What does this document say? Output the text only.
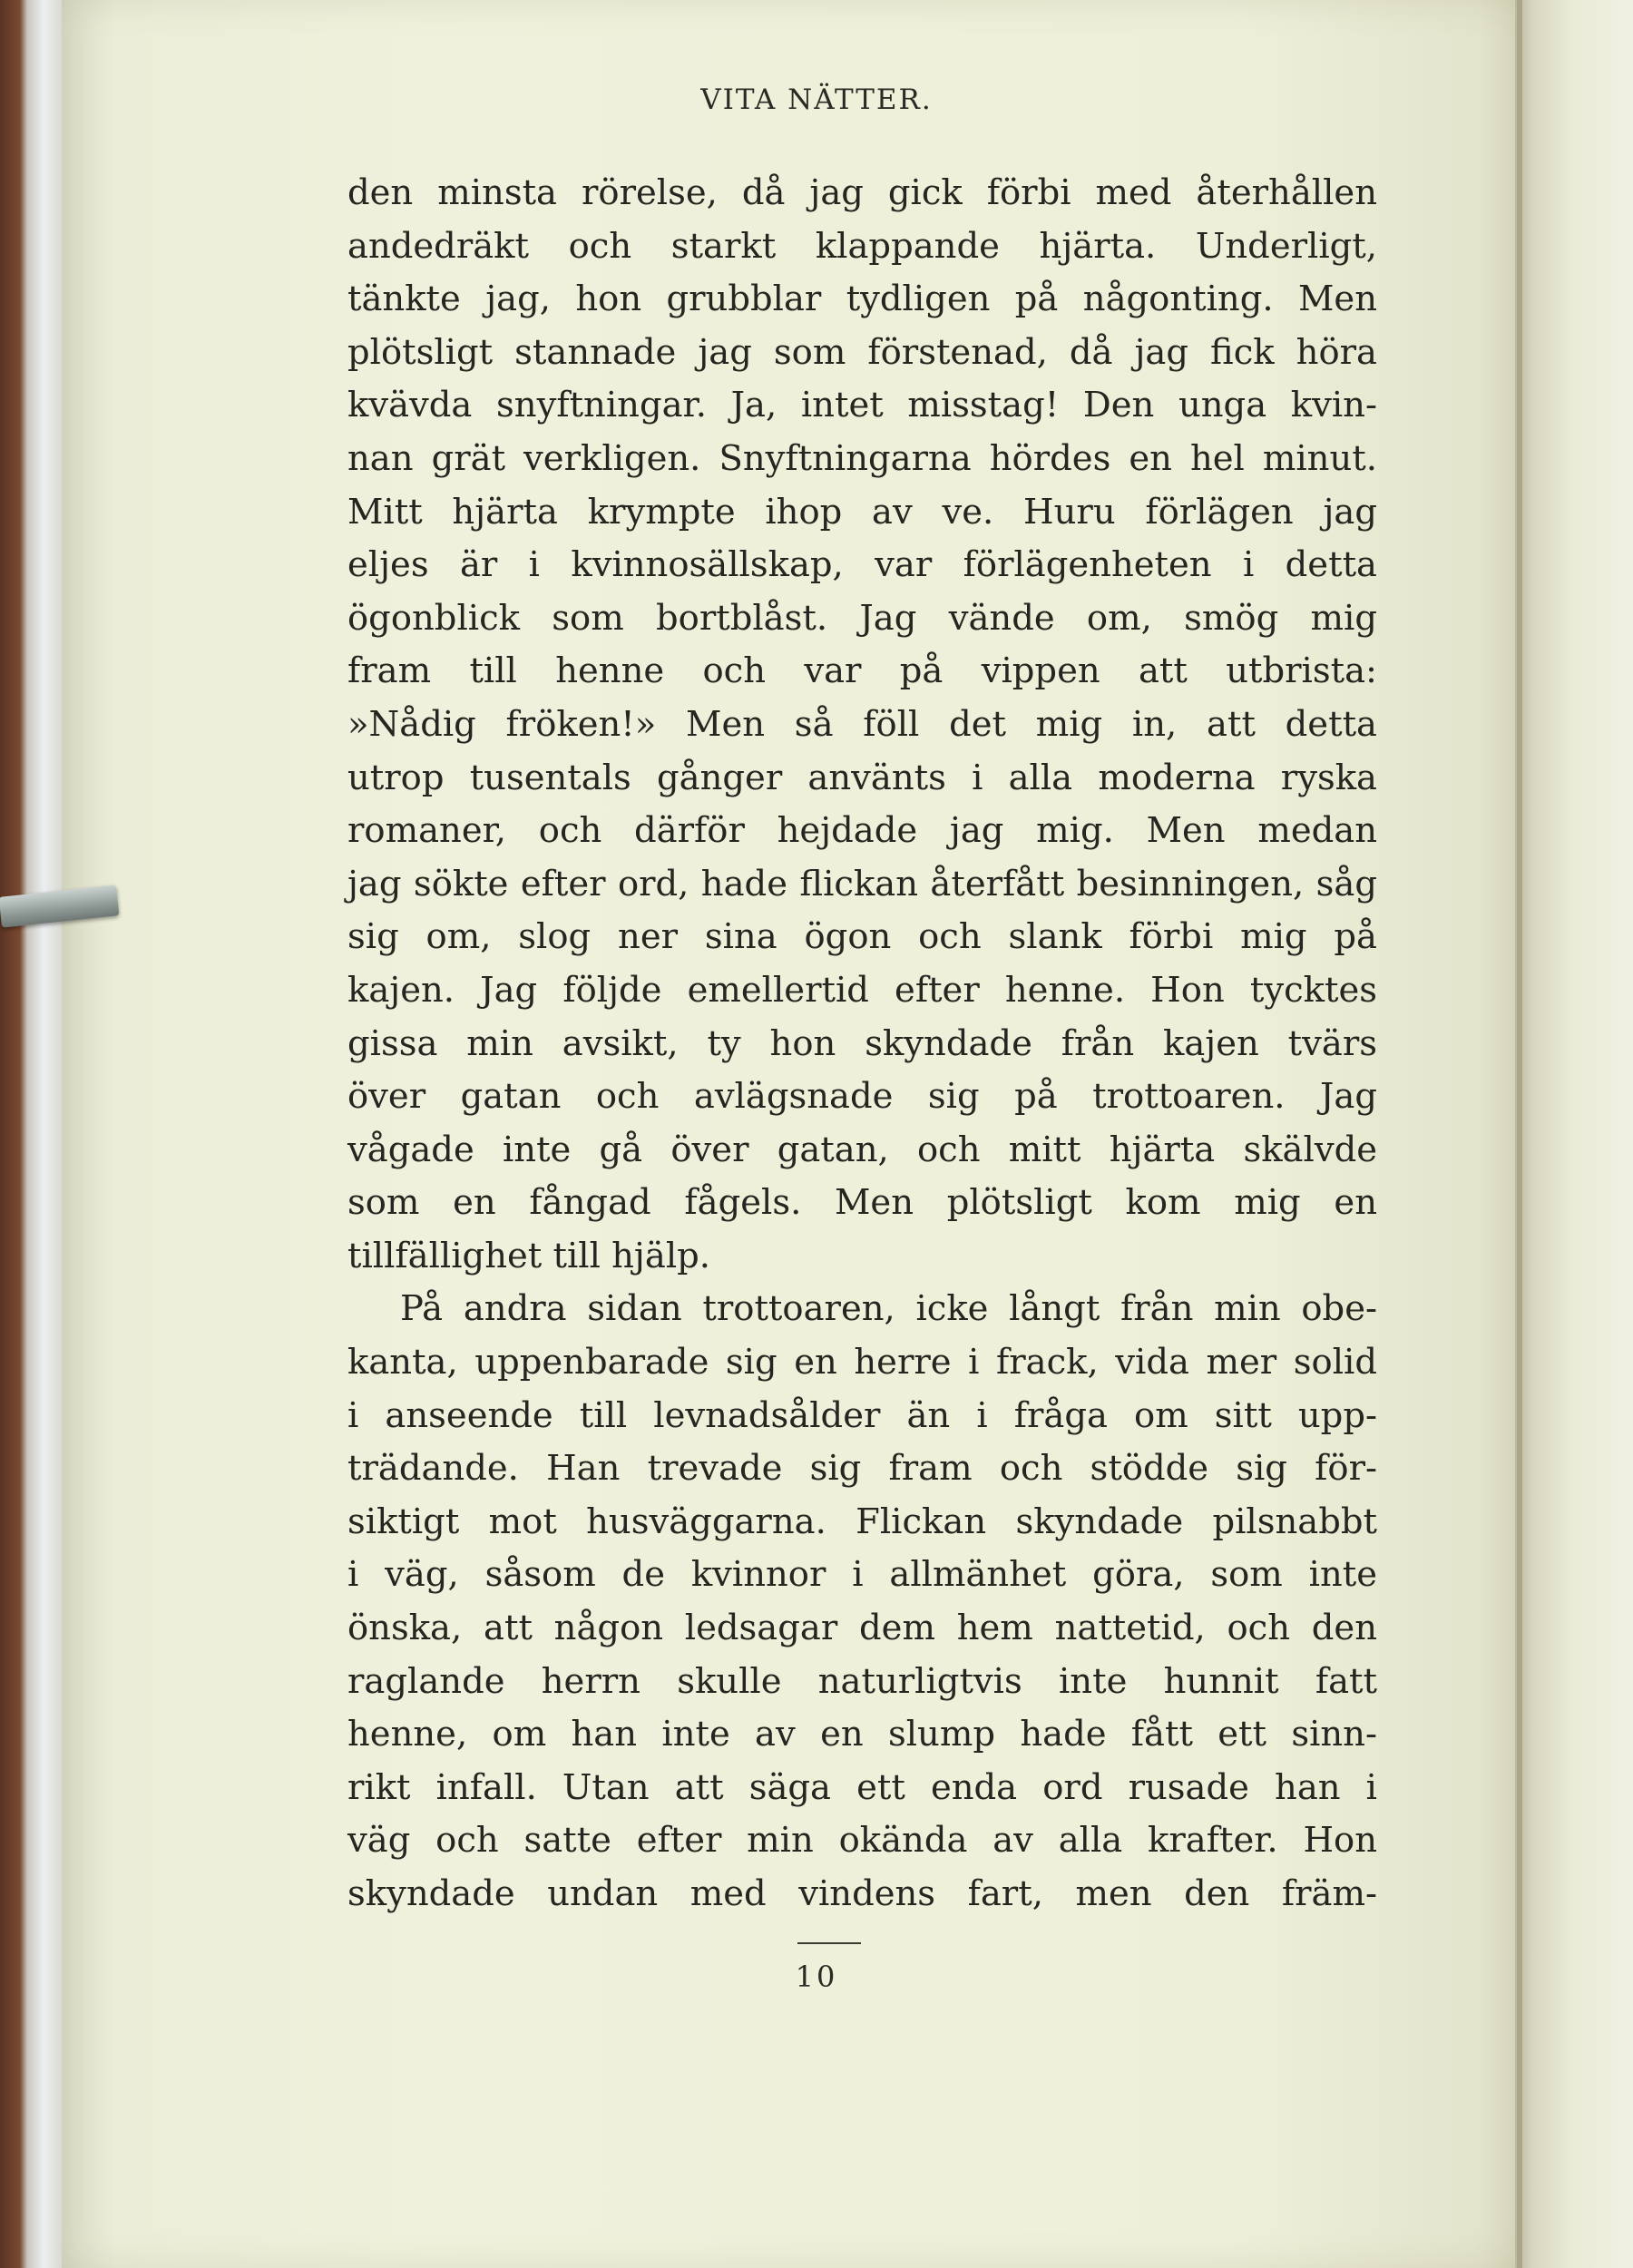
VITA NÄTTER.
den minsta rörelse, då jag gick förbi med återhållen
andedräkt och starkt klappande hjärta. Underligt,
tänkte jag, hon grubblar tydligen på någonting. Men
plötsligt stannade jag som förstenad, då jag fick höra
kvävda snyftningar. Ja, intet misstag! Den unga kvin-
nan grät verkligen. Snyftningarna hördes en hel minut.
Mitt hjärta krympte ihop av ve. Huru förlägen jag
eljes är i kvinnosällskap, var förlägenheten i detta
ögonblick som bortblåst. Jag vände om, smög mig
fram till henne och var på vippen att utbrista:
»Nådig fröken!» Men så föll det mig in, att detta
utrop tusentals gånger använts i alla moderna ryska
romaner, och därför hejdade jag mig. Men medan
jag sökte efter ord, hade flickan återfått besinningen, såg
sig om, slog ner sina ögon och slank förbi mig på
kajen. Jag följde emellertid efter henne. Hon tycktes
gissa min avsikt, ty hon skyndade från kajen tvärs
över gatan och avlägsnade sig på trottoaren. Jag
vågade inte gå över gatan, och mitt hjärta skälvde
som en fångad fågels. Men plötsligt kom mig en
tillfällighet till hjälp.
På andra sidan trottoaren, icke långt från min obe-
kanta, uppenbarade sig en herre i frack, vida mer solid
i anseende till levnadsålder än i fråga om sitt upp-
trädande. Han trevade sig fram och stödde sig för-
siktigt mot husväggarna. Flickan skyndade pilsnabbt
i väg, såsom de kvinnor i allmänhet göra, som inte
önska, att någon ledsagar dem hem nattetid, och den
raglande herrn skulle naturligtvis inte hunnit fatt
henne, om han inte av en slump hade fått ett sinn-
rikt infall. Utan att säga ett enda ord rusade han i
väg och satte efter min okända av alla krafter. Hon
skyndade undan med vindens fart, men den främ-
10
